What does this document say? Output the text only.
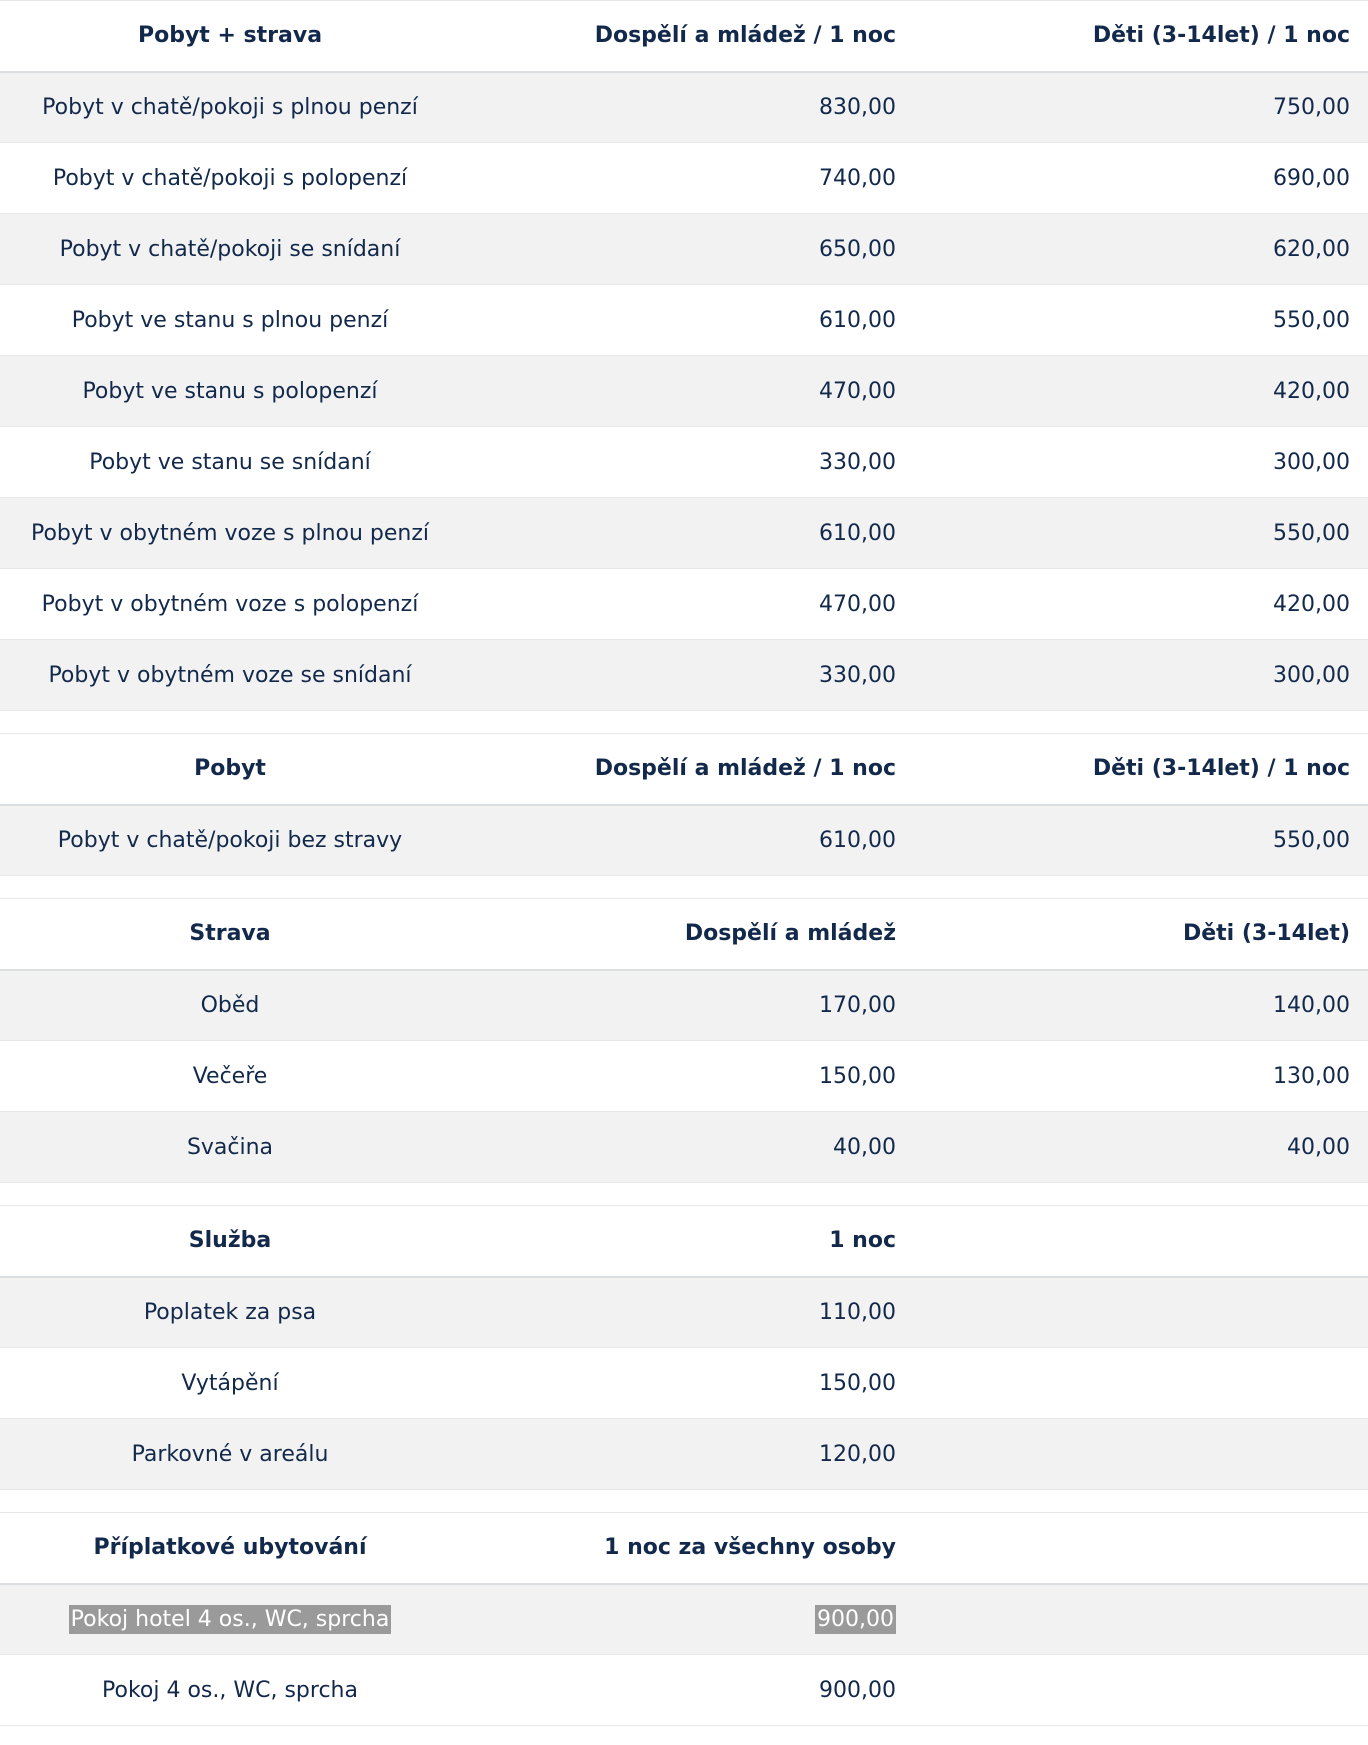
Pobyt + strava	Dospělí a mládež / 1 noc	Děti (3-14let) / 1 noc
Pobyt v chatě/pokoji s plnou penzí	830,00	750,00
Pobyt v chatě/pokoji s polopenzí	740,00	690,00
Pobyt v chatě/pokoji se snídaní	650,00	620,00
Pobyt ve stanu s plnou penzí	610,00	550,00
Pobyt ve stanu s polopenzí	470,00	420,00
Pobyt ve stanu se snídaní	330,00	300,00
Pobyt v obytném voze s plnou penzí	610,00	550,00
Pobyt v obytném voze s polopenzí	470,00	420,00
Pobyt v obytném voze se snídaní	330,00	300,00
Pobyt	Dospělí a mládež / 1 noc	Děti (3-14let) / 1 noc
Pobyt v chatě/pokoji bez stravy	610,00	550,00
Strava	Dospělí a mládež	Děti (3-14let)
Oběd	170,00	140,00
Večeře	150,00	130,00
Svačina	40,00	40,00
Služba	1 noc	
Poplatek za psa	110,00	
Vytápění	150,00	
Parkovné v areálu	120,00	
Příplatkové ubytování	1 noc za všechny osoby	
Pokoj hotel 4 os., WC, sprcha	900,00	
Pokoj 4 os., WC, sprcha	900,00	
